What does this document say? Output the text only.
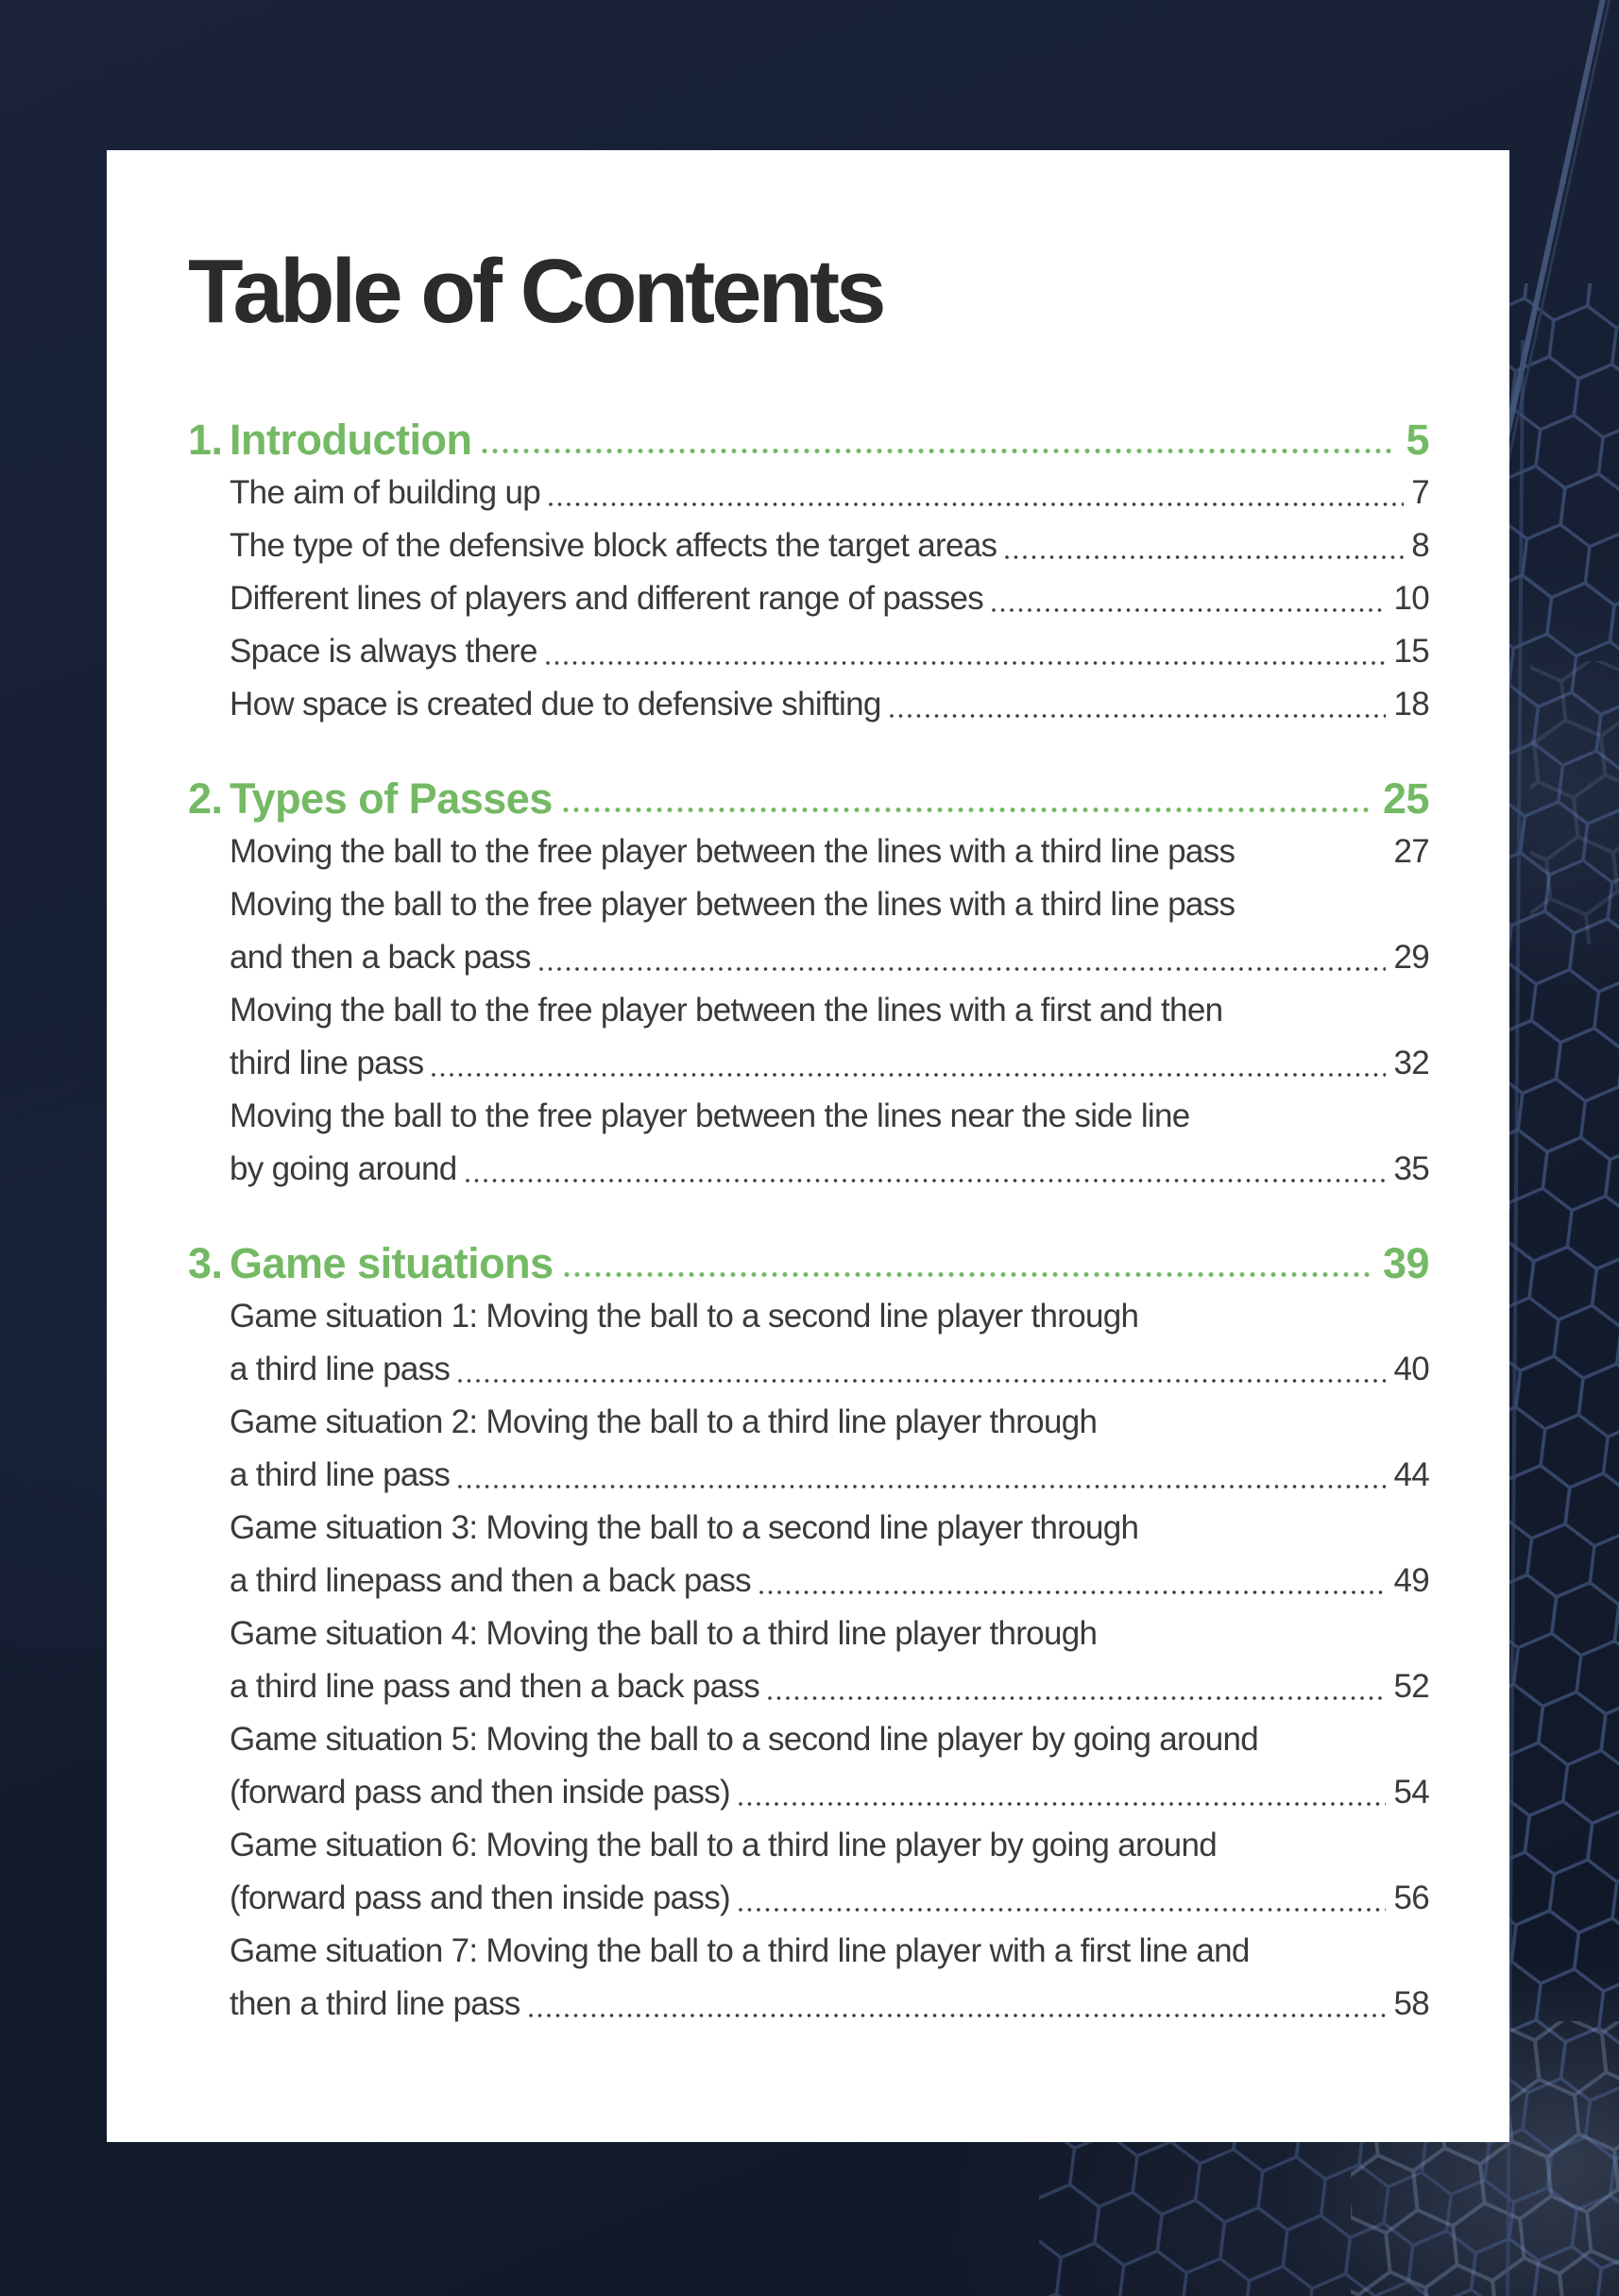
Table of Contents
1. Introduction	5
The aim of building up	7
The type of the defensive block affects the target areas	8
Different lines of players and different range of passes	10
Space is always there	15
How space is created due to defensive shifting	18
2. Types of Passes	25
Moving the ball to the free player between the lines with a third line pass	27
Moving the ball to the free player between the lines with a third line pass
and then a back pass	29
Moving the ball to the free player between the lines with a first and then
third line pass	32
Moving the ball to the free player between the lines near the side line
by going around	35
3. Game situations	39
Game situation 1: Moving the ball to a second line player through
a third line pass	40
Game situation 2: Moving the ball to a third line player through
a third line pass	44
Game situation 3: Moving the ball to a second line player through
a third linepass and then a back pass	49
Game situation 4: Moving the ball to a third line player through
a third line pass and then a back pass	52
Game situation 5: Moving the ball to a second line player by going around
(forward pass and then inside pass)	54
Game situation 6: Moving the ball to a third line player by going around
(forward pass and then inside pass)	56
Game situation 7: Moving the ball to a third line player with a first line and
then a third line pass	58
